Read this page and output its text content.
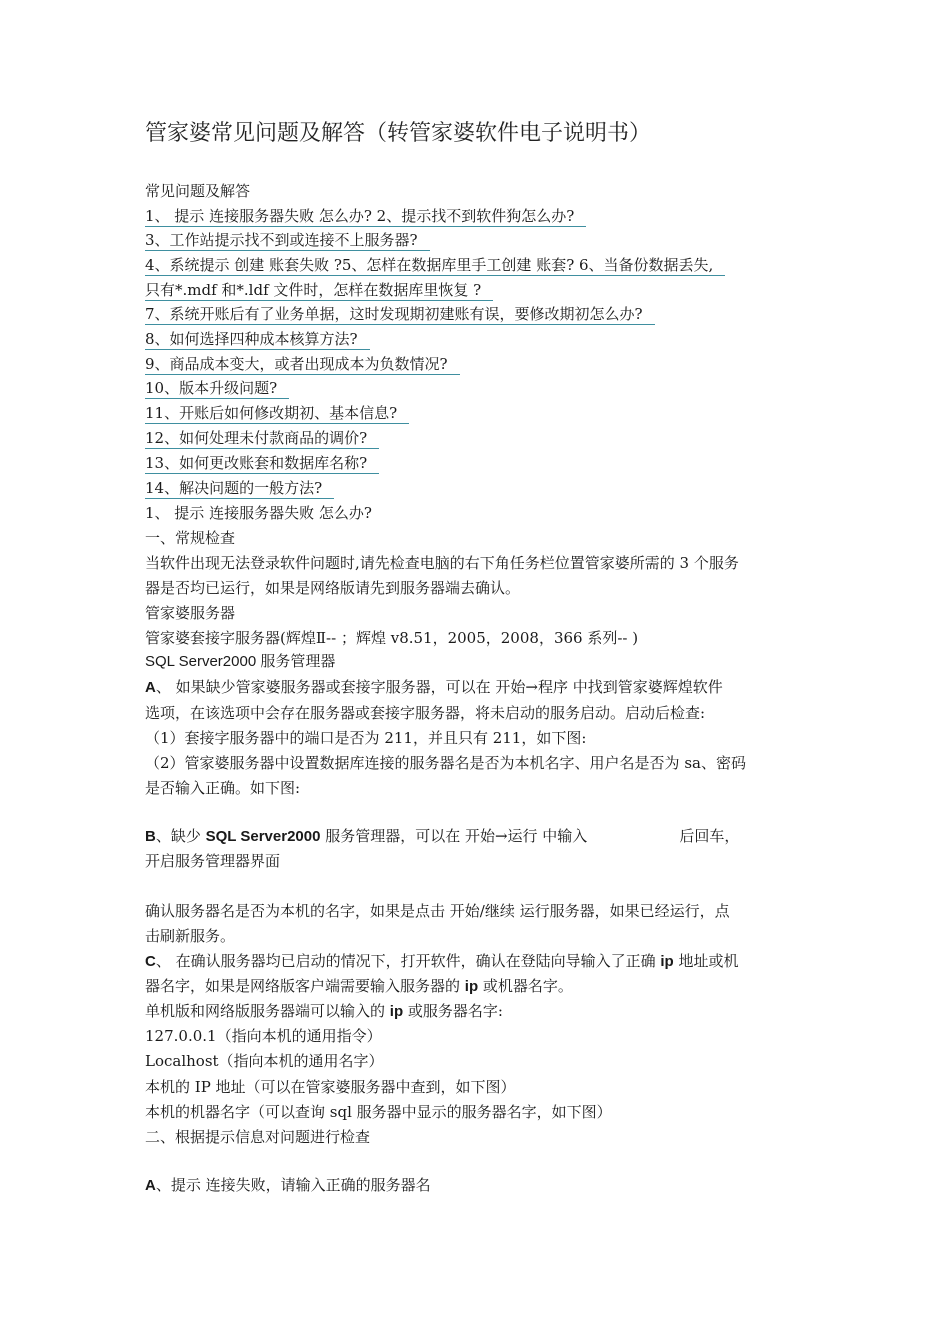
管家婆常见问题及解答（转管家婆软件电子说明书）
常见问题及解答
1、 提示 连接服务器失败 怎么办? 2、提示找不到软件狗怎么办?
3、工作站提示找不到或连接不上服务器?
4、系统提示 创建 账套失败 ?5、怎样在数据库里手工创建 账套? 6、当备份数据丢失,
只有*.mdf 和*.ldf 文件时，怎样在数据库里恢复 ?
7、系统开账后有了业务单据，这时发现期初建账有误，要修改期初怎么办?
8、如何选择四种成本核算方法?
9、商品成本变大，或者出现成本为负数情况?
10、版本升级问题?
11、开账后如何修改期初、基本信息?
12、如何处理未付款商品的调价?
13、如何更改账套和数据库名称?
14、解决问题的一般方法?
1、 提示 连接服务器失败 怎么办?
一、常规检查
当软件出现无法登录软件问题时,请先检查电脑的右下角任务栏位置管家婆所需的 3 个服务
器是否均已运行，如果是网络版请先到服务器端去确认。
管家婆服务器
管家婆套接字服务器(辉煌Ⅱ-- ；辉煌 v8.51，2005，2008，366 系列-- )
SQL Server2000 服务管理器
A、 如果缺少管家婆服务器或套接字服务器，可以在 开始→程序 中找到管家婆辉煌软件
选项，在该选项中会存在服务器或套接字服务器，将未启动的服务启动。启动后检查:
（1）套接字服务器中的端口是否为 211，并且只有 211，如下图:
（2）管家婆服务器中设置数据库连接的服务器名是否为本机名字、用户名是否为 sa、密码
是否输入正确。如下图:
B、缺少 SQL Server2000 服务管理器，可以在 开始→运行 中输入	后回车，
开启服务管理器界面
确认服务器名是否为本机的名字，如果是点击 开始/继续 运行服务器，如果已经运行，点
击刷新服务。
C、 在确认服务器均已启动的情况下，打开软件，确认在登陆向导输入了正确 ip 地址或机
器名字，如果是网络版客户端需要输入服务器的 ip 或机器名字。
单机版和网络版服务器端可以输入的 ip 或服务器名字:
127.0.0.1（指向本机的通用指令）
Localhost（指向本机的通用名字）
本机的 IP 地址（可以在管家婆服务器中查到，如下图）
本机的机器名字（可以查询 sql 服务器中显示的服务器名字，如下图）
二、根据提示信息对问题进行检查
A、提示 连接失败，请输入正确的服务器名
